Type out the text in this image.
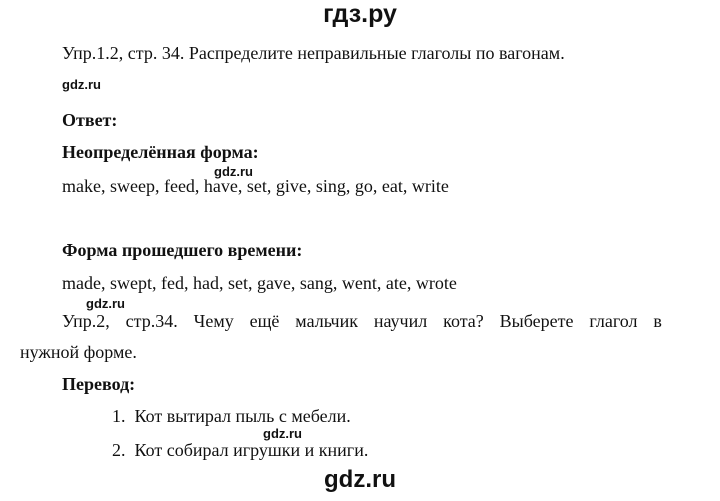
гдз.ру
Упр.1.2, стр. 34. Распределите неправильные глаголы по вагонам.
gdz.ru
Ответ:
Неопределённая форма:
gdz.ru
make, sweep, feed, have, set, give, sing, go, eat, write
Форма прошедшего времени:
made, swept, fed, had, set, gave, sang, went, ate, wrote
gdz.ru
Упр.2, стр.34. Чему ещё мальчик научил кота? Выберете глагол в
нужной форме.
Перевод:
1. Кот вытирал пыль с мебели.
gdz.ru
2. Кот собирал игрушки и книги.
gdz.ru
